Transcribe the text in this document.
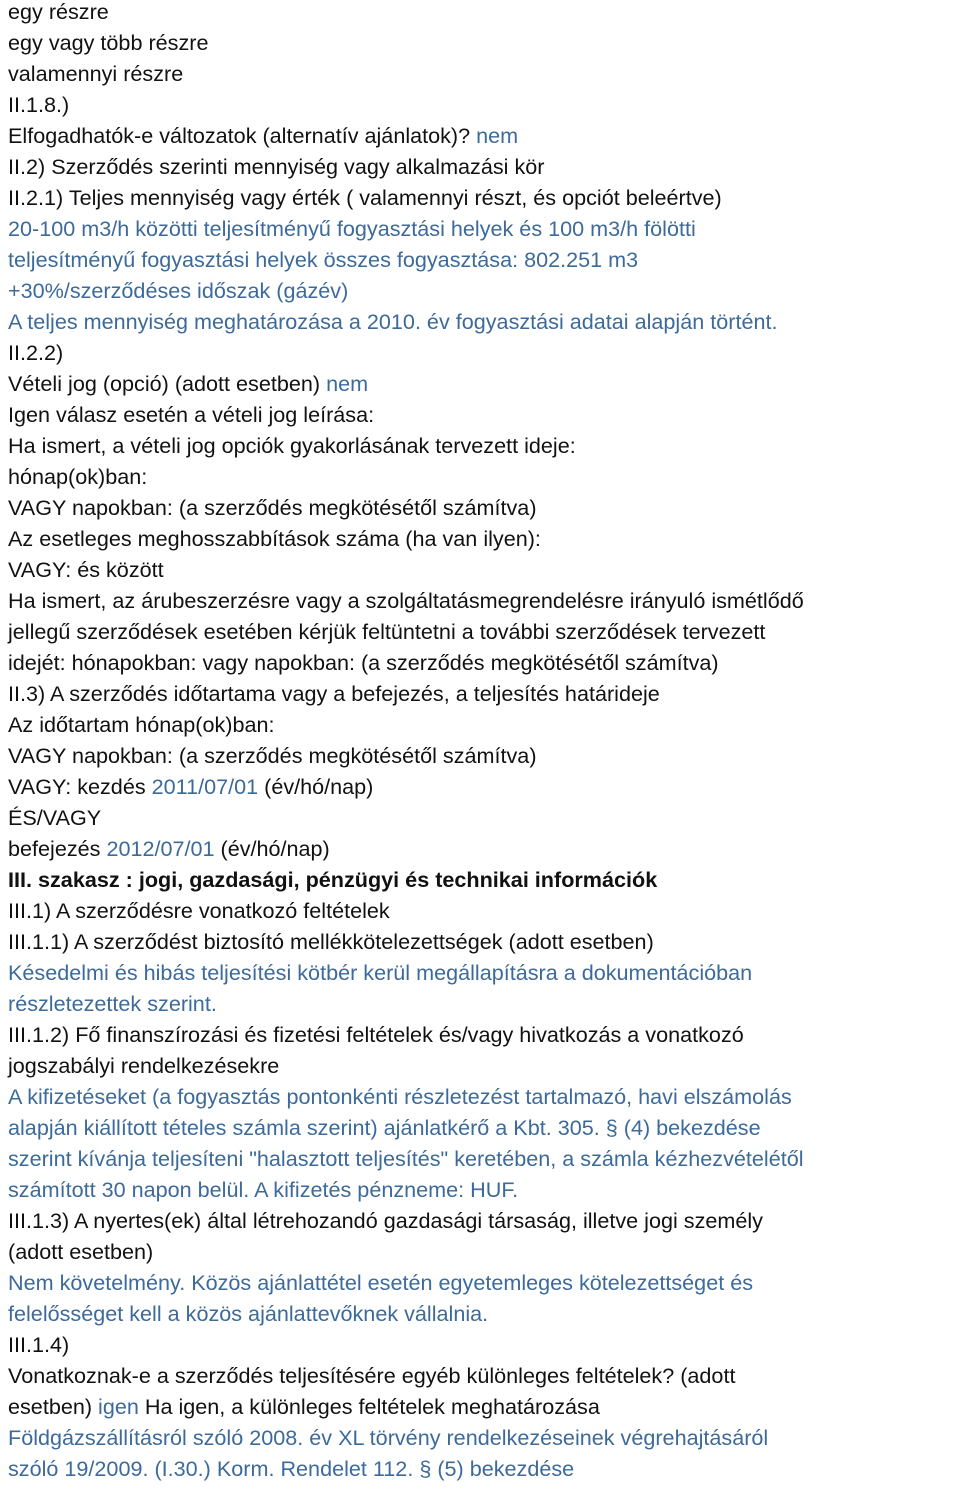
egy részre
egy vagy több részre
valamennyi részre
II.1.8.)
Elfogadhatók-e változatok (alternatív ajánlatok)? nem
II.2) Szerződés szerinti mennyiség vagy alkalmazási kör
II.2.1) Teljes mennyiség vagy érték ( valamennyi részt, és opciót beleértve)
20-100 m3/h közötti teljesítményű fogyasztási helyek és 100 m3/h fölötti
teljesítményű fogyasztási helyek összes fogyasztása: 802.251 m3
+30%/szerződéses időszak (gázév)
A teljes mennyiség meghatározása a 2010. év fogyasztási adatai alapján történt.
II.2.2)
Vételi jog (opció) (adott esetben) nem
Igen válasz esetén a vételi jog leírása:
Ha ismert, a vételi jog opciók gyakorlásának tervezett ideje:
hónap(ok)ban:
VAGY napokban: (a szerződés megkötésétől számítva)
Az esetleges meghosszabbítások száma (ha van ilyen):
VAGY: és között
Ha ismert, az árubeszerzésre vagy a szolgáltatásmegrendelésre irányuló ismétlődő
jellegű szerződések esetében kérjük feltüntetni a további szerződések tervezett
idejét: hónapokban: vagy napokban: (a szerződés megkötésétől számítva)
II.3) A szerződés időtartama vagy a befejezés, a teljesítés határideje
Az időtartam hónap(ok)ban:
VAGY napokban: (a szerződés megkötésétől számítva)
VAGY: kezdés 2011/07/01 (év/hó/nap)
ÉS/VAGY
befejezés 2012/07/01 (év/hó/nap)
III. szakasz : jogi, gazdasági, pénzügyi és technikai információk
III.1) A szerződésre vonatkozó feltételek
III.1.1) A szerződést biztosító mellékkötelezettségek (adott esetben)
Késedelmi és hibás teljesítési kötbér kerül megállapításra a dokumentációban
részletezettek szerint.
III.1.2) Fő finanszírozási és fizetési feltételek és/vagy hivatkozás a vonatkozó
jogszabályi rendelkezésekre
A kifizetéseket (a fogyasztás pontonkénti részletezést tartalmazó, havi elszámolás
alapján kiállított tételes számla szerint) ajánlatkérő a Kbt. 305. § (4) bekezdése
szerint kívánja teljesíteni "halasztott teljesítés" keretében, a számla kézhezvételétől
számított 30 napon belül. A kifizetés pénzneme: HUF.
III.1.3) A nyertes(ek) által létrehozandó gazdasági társaság, illetve jogi személy
(adott esetben)
Nem követelmény. Közös ajánlattétel esetén egyetemleges kötelezettséget és
felelősséget kell a közös ajánlattevőknek vállalnia.
III.1.4)
Vonatkoznak-e a szerződés teljesítésére egyéb különleges feltételek? (adott
esetben) igen Ha igen, a különleges feltételek meghatározása
Földgázszállításról szóló 2008. év XL törvény rendelkezéseinek végrehajtásáról
szóló 19/2009. (I.30.) Korm. Rendelet 112. § (5) bekezdése
